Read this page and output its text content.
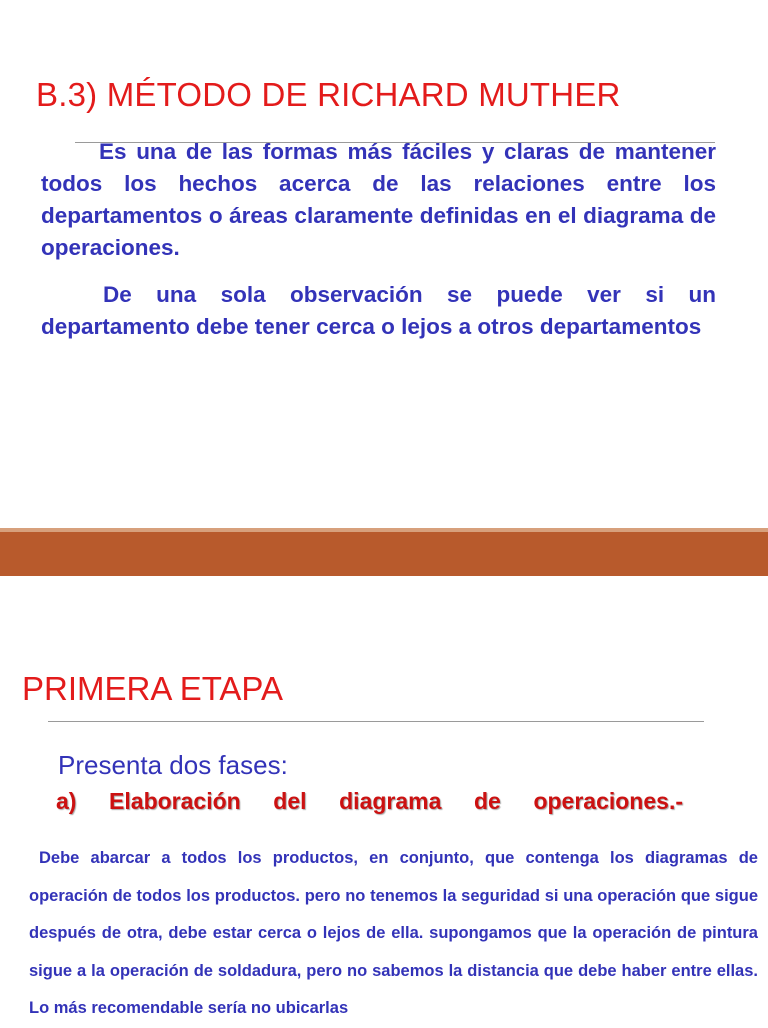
B.3) MÉTODO DE RICHARD MUTHER

Es una de las formas más fáciles y claras de mantener todos los hechos acerca de las relaciones entre los departamentos o áreas claramente definidas en el diagrama de operaciones.

De una sola observación se puede ver si un departamento debe tener cerca o lejos a otros departamentos

PRIMERA ETAPA

Presenta dos fases:

a) Elaboración del diagrama de operaciones.-

Debe abarcar a todos los productos, en conjunto, que contenga los diagramas de operación de todos los productos. pero no tenemos la seguridad si una operación que sigue después de otra, debe estar cerca o lejos de ella. supongamos que la operación de pintura sigue a la operación de soldadura, pero no sabemos la distancia que debe haber entre ellas. Lo más recomendable sería no ubicarlas
